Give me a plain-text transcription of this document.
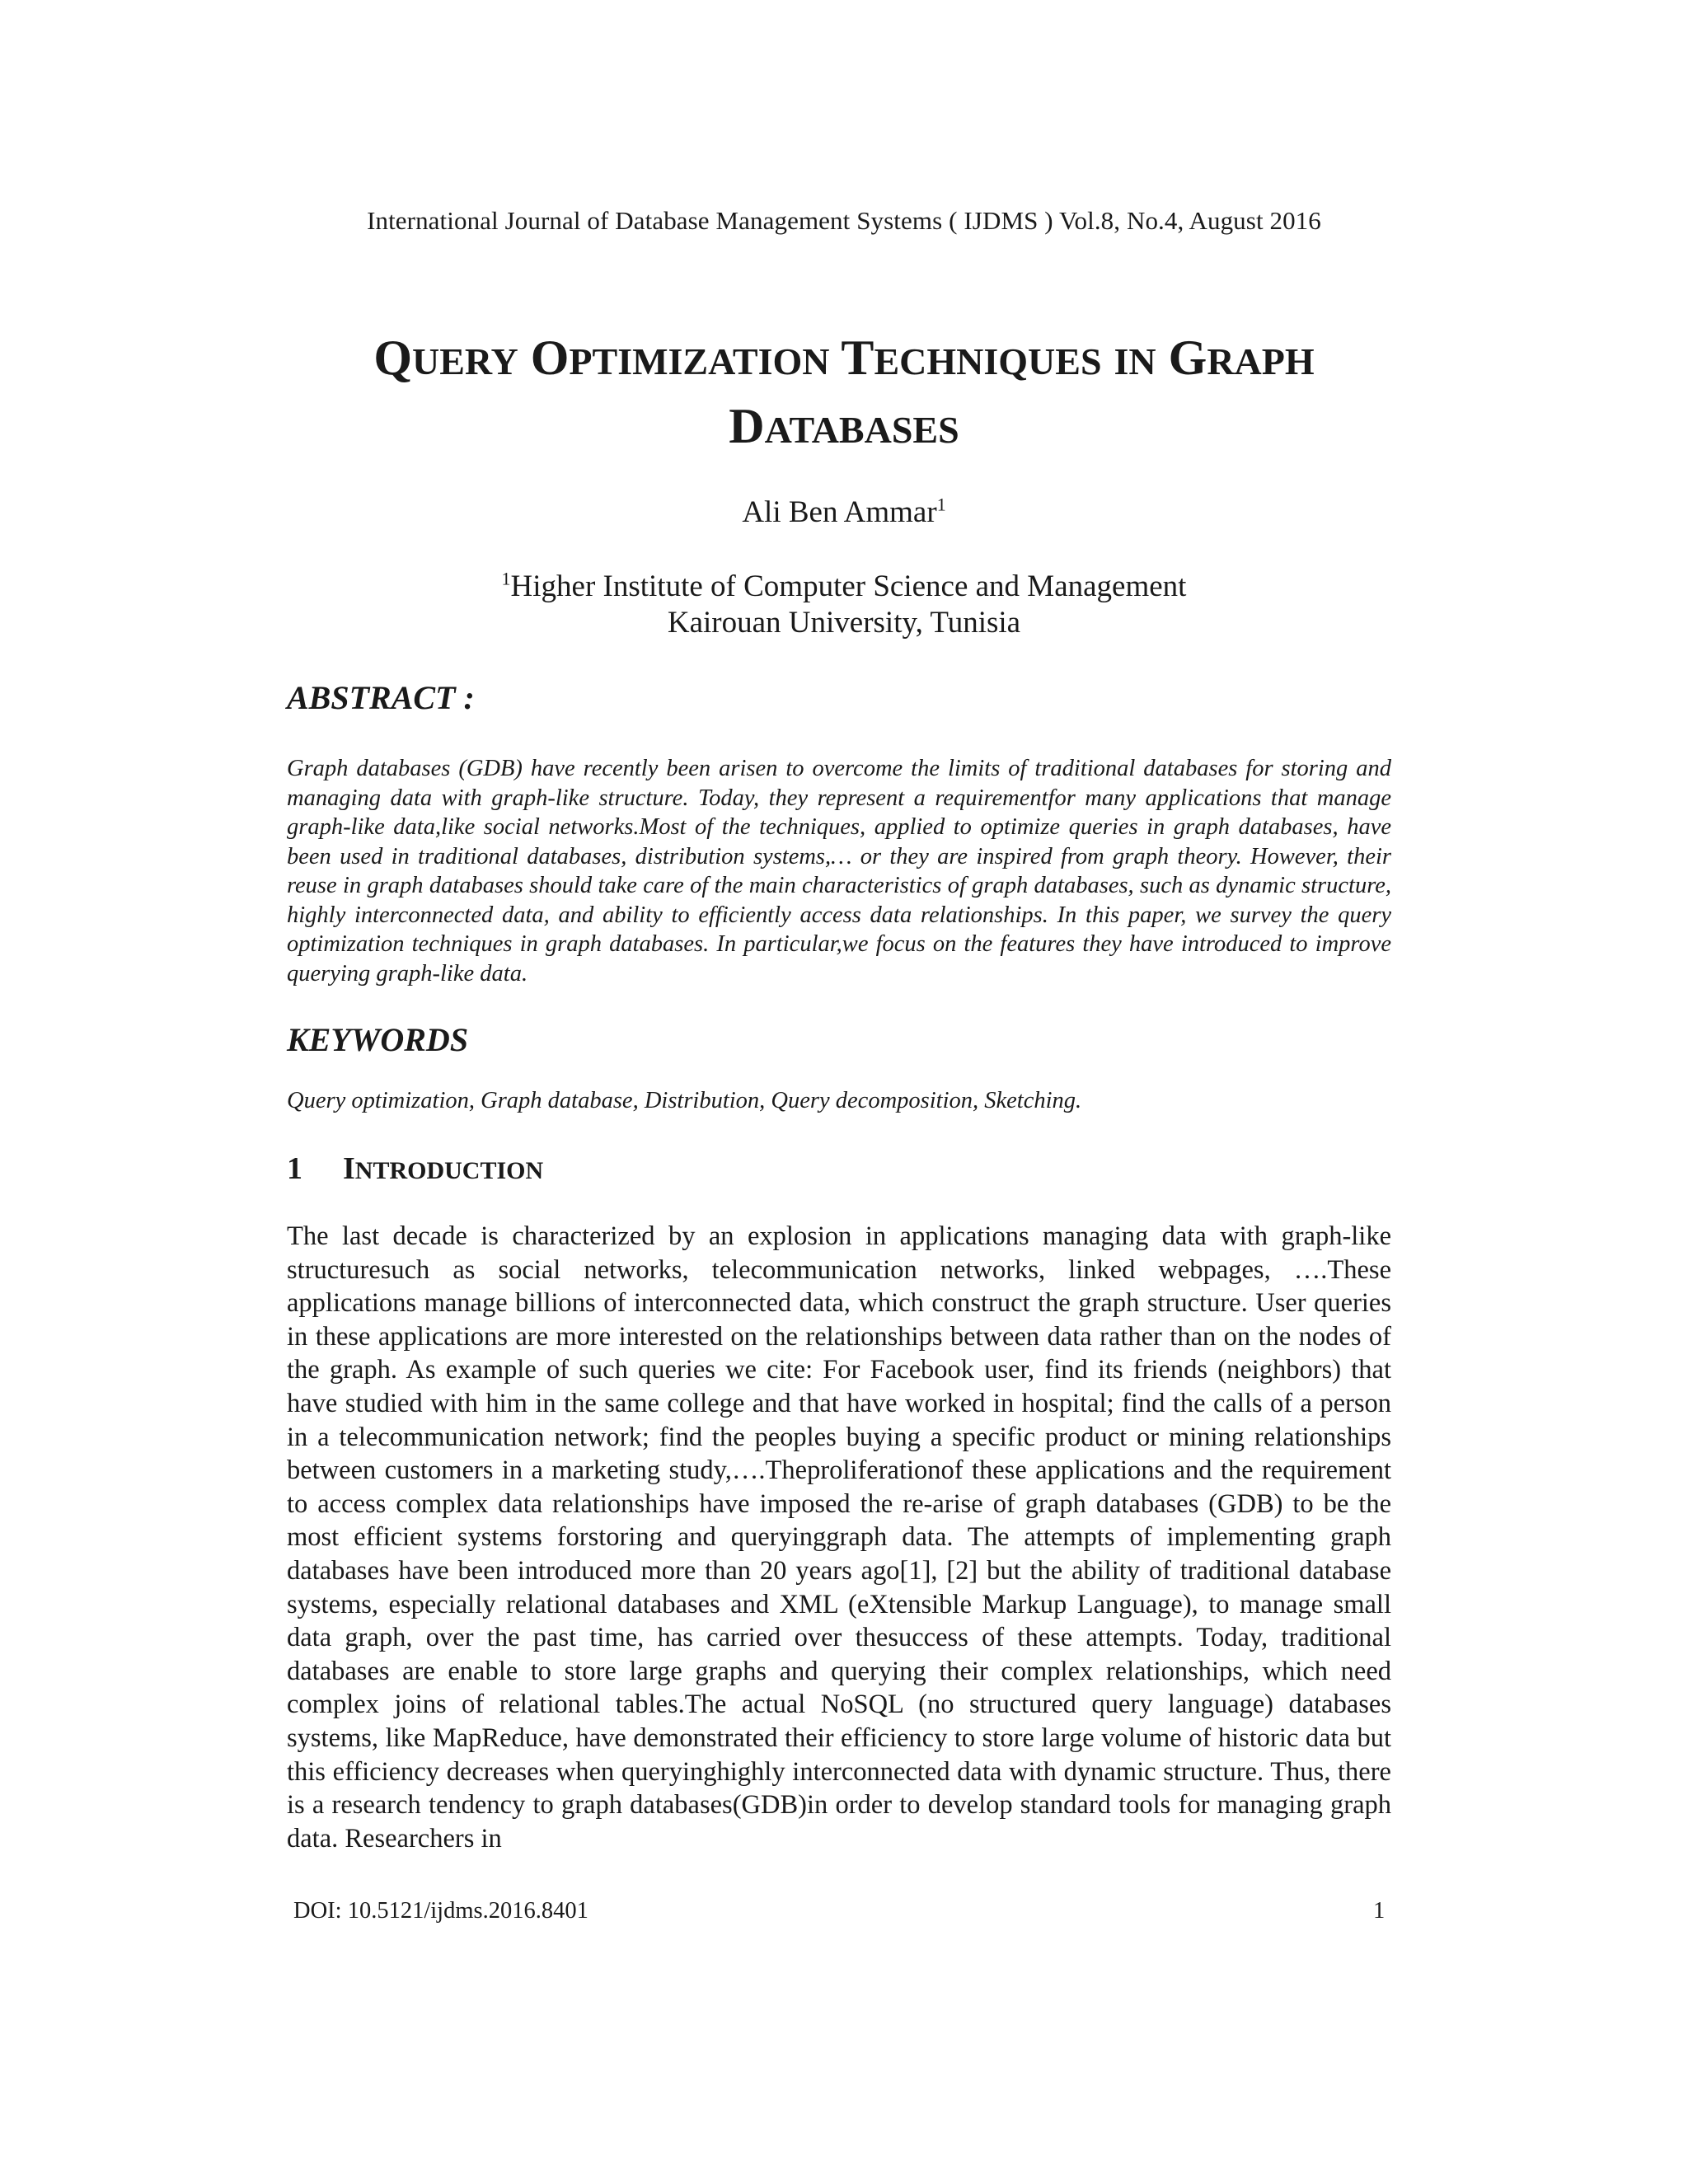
International Journal of Database Management Systems ( IJDMS ) Vol.8, No.4, August 2016
QUERY OPTIMIZATION TECHNIQUES IN GRAPH
DATABASES
Ali Ben Ammar$^1$
$^1$Higher Institute of Computer Science and Management
Kairouan University, Tunisia
ABSTRACT :
Graph databases (GDB) have recently been arisen to overcome the limits of traditional databases for storing and managing data with graph-like structure. Today, they represent a requirementfor many applications that manage graph-like data,like social networks.Most of the techniques, applied to optimize queries in graph databases, have been used in traditional databases, distribution systems,… or they are inspired from graph theory. However, their reuse in graph databases should take care of the main characteristics of graph databases, such as dynamic structure, highly interconnected data, and ability to efficiently access data relationships. In this paper, we survey the query optimization techniques in graph databases. In particular,we focus on the features they have introduced to improve querying graph-like data.
KEYWORDS
Query optimization, Graph database, Distribution, Query decomposition, Sketching.
1 INTRODUCTION
The last decade is characterized by an explosion in applications managing data with graph-like structuresuch as social networks, telecommunication networks, linked webpages, ….These applications manage billions of interconnected data, which construct the graph structure. User queries in these applications are more interested on the relationships between data rather than on the nodes of the graph. As example of such queries we cite: For Facebook user, find its friends (neighbors) that have studied with him in the same college and that have worked in hospital; find the calls of a person in a telecommunication network; find the peoples buying a specific product or mining relationships between customers in a marketing study,….Theproliferationof these applications and the requirement to access complex data relationships have imposed the re-arise of graph databases (GDB) to be the most efficient systems forstoring and queryinggraph data. The attempts of implementing graph databases have been introduced more than 20 years ago[1], [2] but the ability of traditional database systems, especially relational databases and XML (eXtensible Markup Language), to manage small data graph, over the past time, has carried over thesuccess of these attempts. Today, traditional databases are enable to store large graphs and querying their complex relationships, which need complex joins of relational tables.The actual NoSQL (no structured query language) databases systems, like MapReduce, have demonstrated their efficiency to store large volume of historic data but this efficiency decreases when queryinghighly interconnected data with dynamic structure. Thus, there is a research tendency to graph databases(GDB)in order to develop standard tools for managing graph data. Researchers in
DOI: 10.5121/ijdms.2016.8401	1
